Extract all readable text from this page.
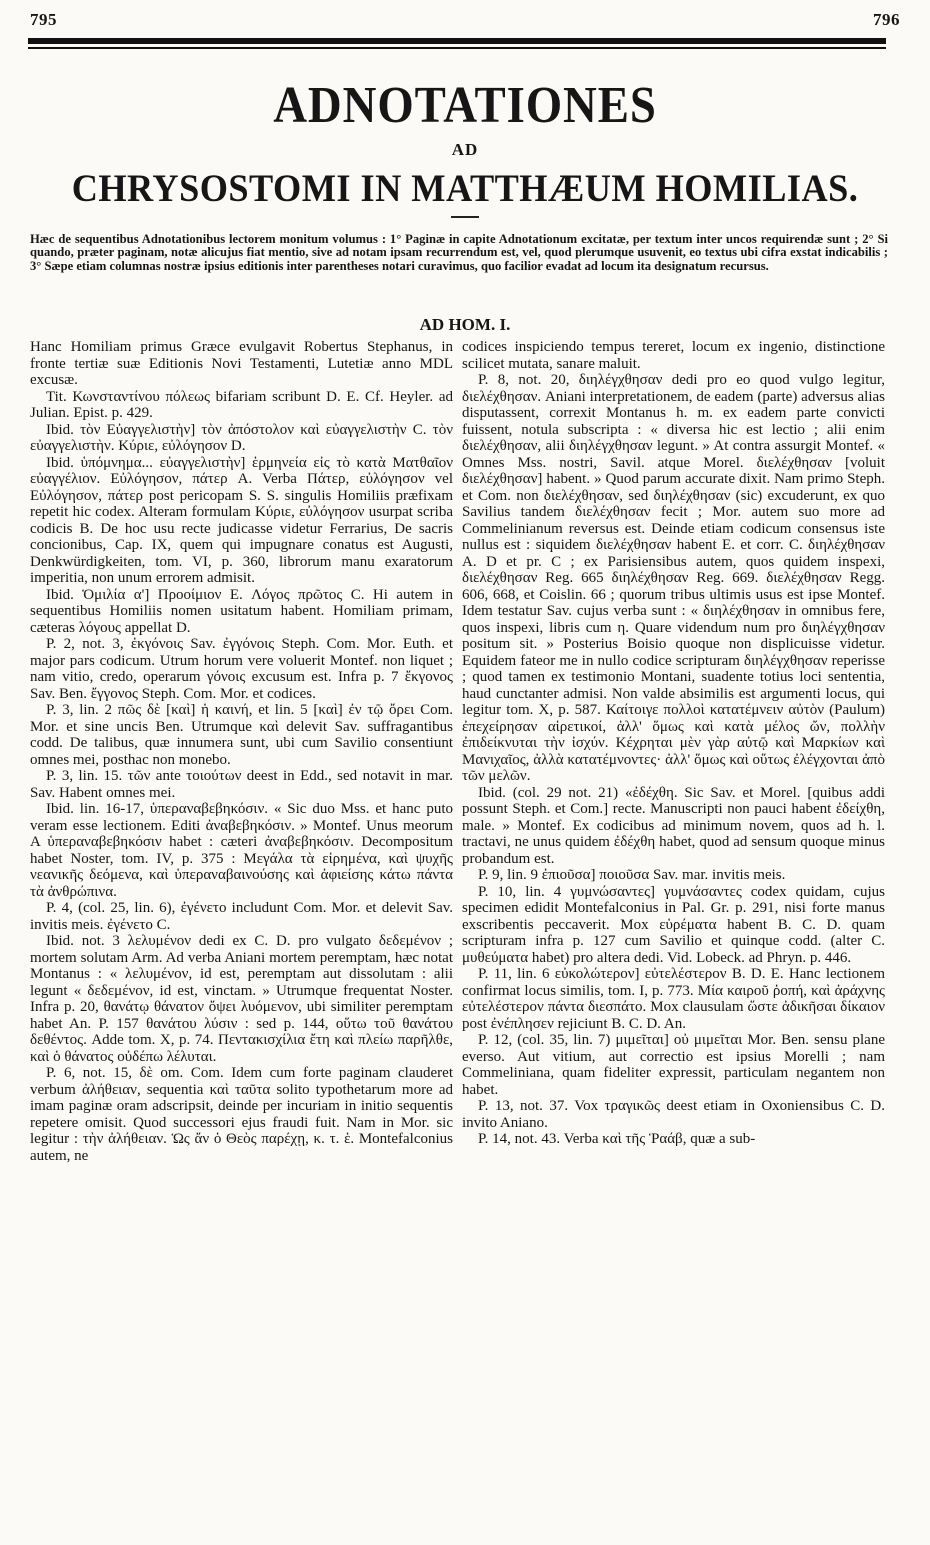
795	796
ADNOTATIONES
AD
CHRYSOSTOMI IN MATTHÆUM HOMILIAS.
Hæc de sequentibus Adnotationibus lectorem monitum volumus : 1° Paginæ in capite Adnotationum excitatæ, per textum inter uncos requirendæ sunt ; 2° Si quando, præter paginam, notæ alicujus fiat mentio, sive ad notam ipsam recurrendum est, vel, quod plerumque usuvenit, eo textus ubi cifra exstat indicabilis ; 3° Sæpe etiam columnas nostræ ipsius editionis inter parentheses notari curavimus, quo facilior evadat ad locum ita designatum recursus.
AD HOM. I.

Hanc Homiliam primus Græce evulgavit Robertus Stephanus, in fronte tertiæ suæ Editionis Novi Testamenti, Lutetiæ anno MDL excusæ.

Tit. Κωνσταντίνου πόλεως bifariam scribunt D. E. Cf. Heyler. ad Julian. Epist. p. 429.

Ibid. τὸν Εὐαγγελιστὴν] τὸν ἀπόστολον καὶ εὐαγγελιστὴν C. τὸν εὐαγγελιστὴν. Κύριε, εὐλόγησον D.

Ibid. ὑπόμνημα... εὐαγγελιστὴν] ἑρμηνεία εἰς τὸ κατὰ Ματθαῖον εὐαγγέλιον. Εὐλόγησον, πάτερ A. Verba Πάτερ, εὐλόγησον vel Εὐλόγησον, πάτερ post pericopam S. S. singulis Homiliis præfixam repetit hic codex. Alteram formulam Κύριε, εὐλόγησον usurpat scriba codicis B. De hoc usu recte judicasse videtur Ferrarius, De sacris concionibus, Cap. IX, quem qui impugnare conatus est Augusti, Denkwürdigkeiten, tom. VI, p. 360, librorum manu exaratorum imperitia, non unum errorem admisit.

Ibid. Ὁμιλία α'] Προοίμιον E. Λόγος πρῶτος C. Hi autem in sequentibus Homiliis nomen usitatum habent. Homiliam primam, cæteras λόγους appellat D.

P. 2, not. 3, ἐκγόνοις Sav. ἐγγόνοις Steph. Com. Mor. Euth. et major pars codicum. Utrum horum vere voluerit Montef. non liquet ; nam vitio, credo, operarum γόνοις excusum est. Infra p. 7 ἔκγονος Sav. Ben. ἔγγονος Steph. Com. Mor. et codices.

P. 3, lin. 2 πῶς δὲ [καὶ] ἡ καινή, et lin. 5 [καὶ] ἐν τῷ ὄρει Com. Mor. et sine uncis Ben. Utrumque καὶ delevit Sav. suffragantibus codd. De talibus, quæ innumera sunt, ubi cum Savilio consentiunt omnes mei, posthac non monebo.

P. 3, lin. 15. τῶν ante τοιούτων deest in Edd., sed notavit in mar. Sav. Habent omnes mei.

Ibid. lin. 16-17, ὑπεραναβεβηκόσιν. « Sic duo Mss. et hanc puto veram esse lectionem. Editi ἀναβεβηκόσιν. » Montef. Unus meorum A ὑπεραναβεβηκόσιν habet : cæteri ἀναβεβηκόσιν. Decompositum habet Noster, tom. IV, p. 375 : Μεγάλα τὰ εἰρημένα, καὶ ψυχῆς νεανικῆς δεόμενα, καὶ ὑπεραναβαινούσης καὶ ἀφιείσης κάτω πάντα τὰ ἀνθρώπινα.

P. 4, (col. 25, lin. 6), ἐγένετο includunt Com. Mor. et delevit Sav. invitis meis. ἐγένετο C.

Ibid. not. 3 λελυμένον dedi ex C. D. pro vulgato δεδεμένον ; mortem solutam Arm. Ad verba Aniani mortem peremptam, hæc notat Montanus : « λελυμένον, id est, peremptam aut dissolutam : alii legunt « δεδεμένον, id est, vinctam. » Utrumque frequentat Noster. Infra p. 20, θανάτῳ θάνατον ὄψει λυόμενον, ubi similiter peremptam habet An. P. 157 θανάτου λύσιν : sed p. 144, οὕτω τοῦ θανάτου δεθέντος. Adde tom. X, p. 74. Πεντακισχίλια ἔτη καὶ πλείω παρῆλθε, καὶ ὁ θάνατος οὐδέπω λέλυται.

P. 6, not. 15, δὲ om. Com. Idem cum forte paginam clauderet verbum ἀλήθειαν, sequentia καὶ ταῦτα solito typothetarum more ad imam paginæ oram adscripsit, deinde per incuriam in initio sequentis repetere omisit. Quod successori ejus fraudi fuit. Nam in Mor. sic legitur : τὴν ἀλήθειαν. Ὡς ἄν ὁ Θεὸς παρέχῃ, κ. τ. ἑ. Montefalconius autem, ne

codices inspiciendo tempus tereret, locum ex ingenio, distinctione scilicet mutata, sanare maluit.

P. 8, not. 20, διηλέγχθησαν dedi pro eo quod vulgo legitur, διελέχθησαν. Aniani interpretationem, de eadem (parte) adversus alias disputassent, correxit Montanus h. m. ex eadem parte convicti fuissent, notula subscripta : « diversa hic est lectio ; alii enim διελέχθησαν, alii διηλέγχθησαν legunt. » At contra assurgit Montef. « Omnes Mss. nostri, Savil. atque Morel. διελέχθησαν [voluit διελέχθησαν] habent. » Quod parum accurate dixit. Nam primo Steph. et Com. non διελέχθησαν, sed διηλέχθησαν (sic) excuderunt, ex quo Savilius tandem διελέχθησαν fecit ; Mor. autem suo more ad Commelinianum reversus est. Deinde etiam codicum consensus iste nullus est : siquidem διελέχθησαν habent E. et corr. C. διηλέχθησαν A. D et pr. C ; ex Parisiensibus autem, quos quidem inspexi, διελέχθησαν Reg. 665 διηλέχθησαν Reg. 669. διελέχθησαν Regg. 606, 668, et Coislin. 66 ; quorum tribus ultimis usus est ipse Montef. Idem testatur Sav. cujus verba sunt : « διηλέχθησαν in omnibus fere, quos inspexi, libris cum η. Quare videndum num pro διηλέγχθησαν positum sit. » Posterius Boisio quoque non displicuisse videtur. Equidem fateor me in nullo codice scripturam διηλέγχθησαν reperisse ; quod tamen ex testimonio Montani, suadente totius loci sententia, haud cunctanter admisi. Non valde absimilis est argumenti locus, qui legitur tom. X, p. 587. Καίτοιγε πολλοὶ κατατέμνειν αὐτὸν (Paulum) ἐπεχείρησαν αἱρετικοί, ἀλλ' ὅμως καὶ κατὰ μέλος ὤν, πολλὴν ἐπιδείκνυται τὴν ἰσχύν. Κέχρηται μὲν γὰρ αὐτῷ καὶ Μαρκίων καὶ Μανιχαῖος, ἀλλὰ κατατέμνοντες· ἀλλ' ὅμως καὶ οὕτως ἐλέγχονται ἀπὸ τῶν μελῶν.

Ibid. (col. 29 not. 21) «ἐδέχθη. Sic Sav. et Morel. [quibus addi possunt Steph. et Com.] recte. Manuscripti non pauci habent ἐδείχθη, male. » Montef. Ex codicibus ad minimum novem, quos ad h. l. tractavi, ne unus quidem ἐδέχθη habet, quod ad sensum quoque minus probandum est.

P. 9, lin. 9 ἐπιοῦσα] ποιοῦσα Sav. mar. invitis meis.

P. 10, lin. 4 γυμνώσαντες] γυμνάσαντες codex quidam, cujus specimen edidit Montefalconius in Pal. Gr. p. 291, nisi forte manus exscribentis peccaverit. Mox εὑρέματα habent B. C. D. quam scripturam infra p. 127 cum Savilio et quinque codd. (alter C. μυθεύματα habet) pro altera dedi. Vid. Lobeck. ad Phryn. p. 446.

P. 11, lin. 6 εὐκολώτερον] εὐτελέστερον B. D. E. Hanc lectionem confirmat locus similis, tom. I, p. 773. Μία καιροῦ ῥοπή, καὶ ἀράχνης εὐτελέστερον πάντα διεσπάτο. Mox clausulam ὥστε ἀδικῆσαι δίκαιον post ἐνέπλησεν rejiciunt B. C. D. An.

P. 12, (col. 35, lin. 7) μιμεῖται] οὐ μιμεῖται Mor. Ben. sensu plane everso. Aut vitium, aut correctio est ipsius Morelli ; nam Commeliniana, quam fideliter expressit, particulam negantem non habet.

P. 13, not. 37. Vox τραγικῶς deest etiam in Oxoniensibus C. D. invito Aniano.

P. 14, not. 43. Verba καὶ τῆς Ῥαάβ, quæ a sub-
